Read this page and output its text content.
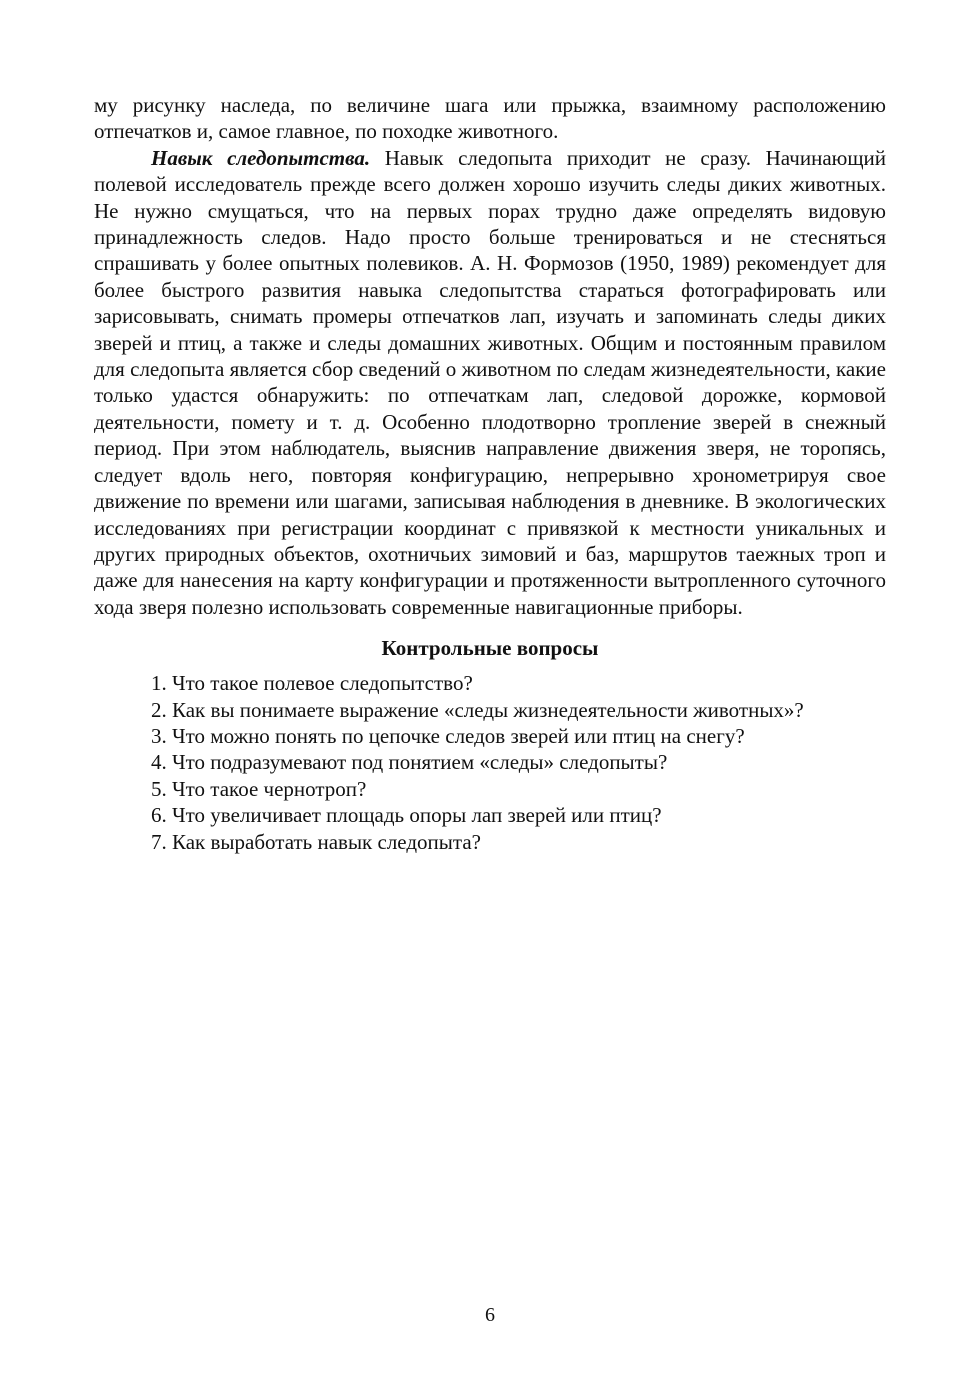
му рисунку наследа, по величине шага или прыжка, взаимному расположению отпечатков и, самое главное, по походке животного.

Навык следопытства. Навык следопыта приходит не сразу. Начинающий полевой исследователь прежде всего должен хорошо изучить следы диких животных. Не нужно смущаться, что на первых порах трудно даже определять видовую принадлежность следов. Надо просто больше тренироваться и не стесняться спрашивать у более опытных полевиков. А. Н. Формозов (1950, 1989) рекомендует для более быстрого развития навыка следопытства стараться фотографировать или зарисовывать, снимать промеры отпечатков лап, изучать и запоминать следы диких зверей и птиц, а также и следы домашних животных. Общим и постоянным правилом для следопыта является сбор сведений о животном по следам жизнедеятельности, какие только удастся обнаружить: по отпечаткам лап, следовой дорожке, кормовой деятельности, помету и т. д. Особенно плодотворно тропление зверей в снежный период. При этом наблюдатель, выяснив направление движения зверя, не торопясь, следует вдоль него, повторяя конфигурацию, непрерывно хронометрируя свое движение по времени или шагами, записывая наблюдения в дневнике. В экологических исследованиях при регистрации координат с привязкой к местности уникальных и других природных объектов, охотничьих зимовий и баз, маршрутов таежных троп и даже для нанесения на карту конфигурации и протяженности вытропленного суточного хода зверя полезно использовать современные навигационные приборы.

Контрольные вопросы
1. Что такое полевое следопытство?
2. Как вы понимаете выражение «следы жизнедеятельности животных»?
3. Что можно понять по цепочке следов зверей или птиц на снегу?
4. Что подразумевают под понятием «следы» следопыты?
5. Что такое чернотроп?
6. Что увеличивает площадь опоры лап зверей или птиц?
7. Как выработать навык следопыта?
6
